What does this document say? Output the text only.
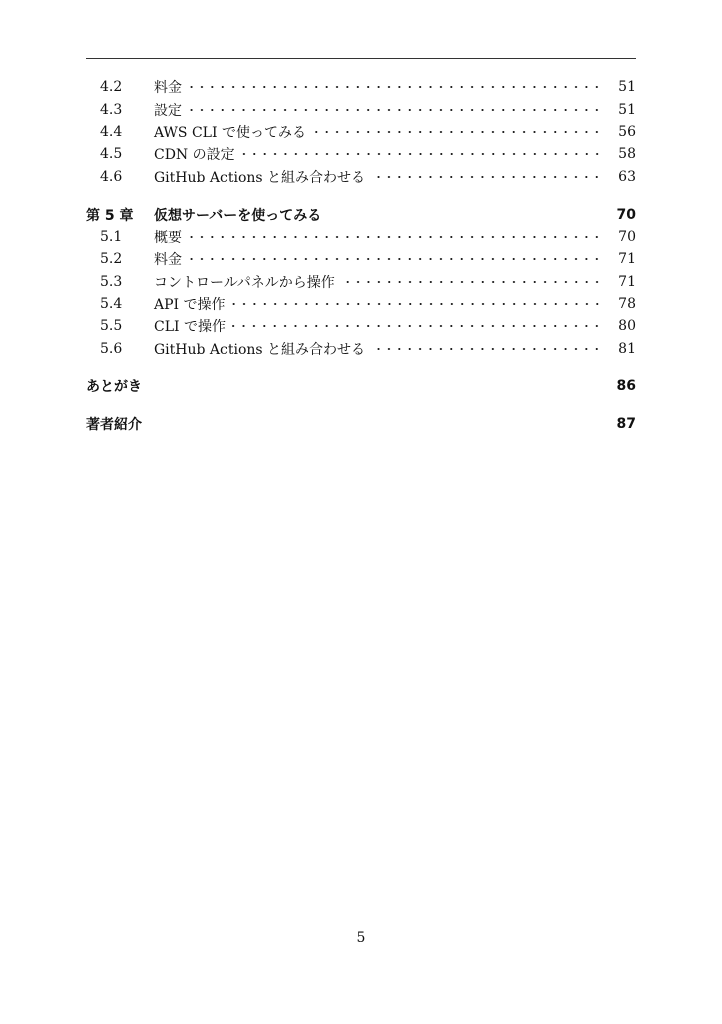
4.2	料金	51
4.3	設定	51
4.4	AWS CLI で使ってみる	56
4.5	CDN の設定	58
4.6	GitHub Actions と組み合わせる	63
第 5 章	仮想サーバーを使ってみる	70
5.1	概要	70
5.2	料金	71
5.3	コントロールパネルから操作	71
5.4	API で操作	78
5.5	CLI で操作	80
5.6	GitHub Actions と組み合わせる	81
あとがき	86
著者紹介	87
5
